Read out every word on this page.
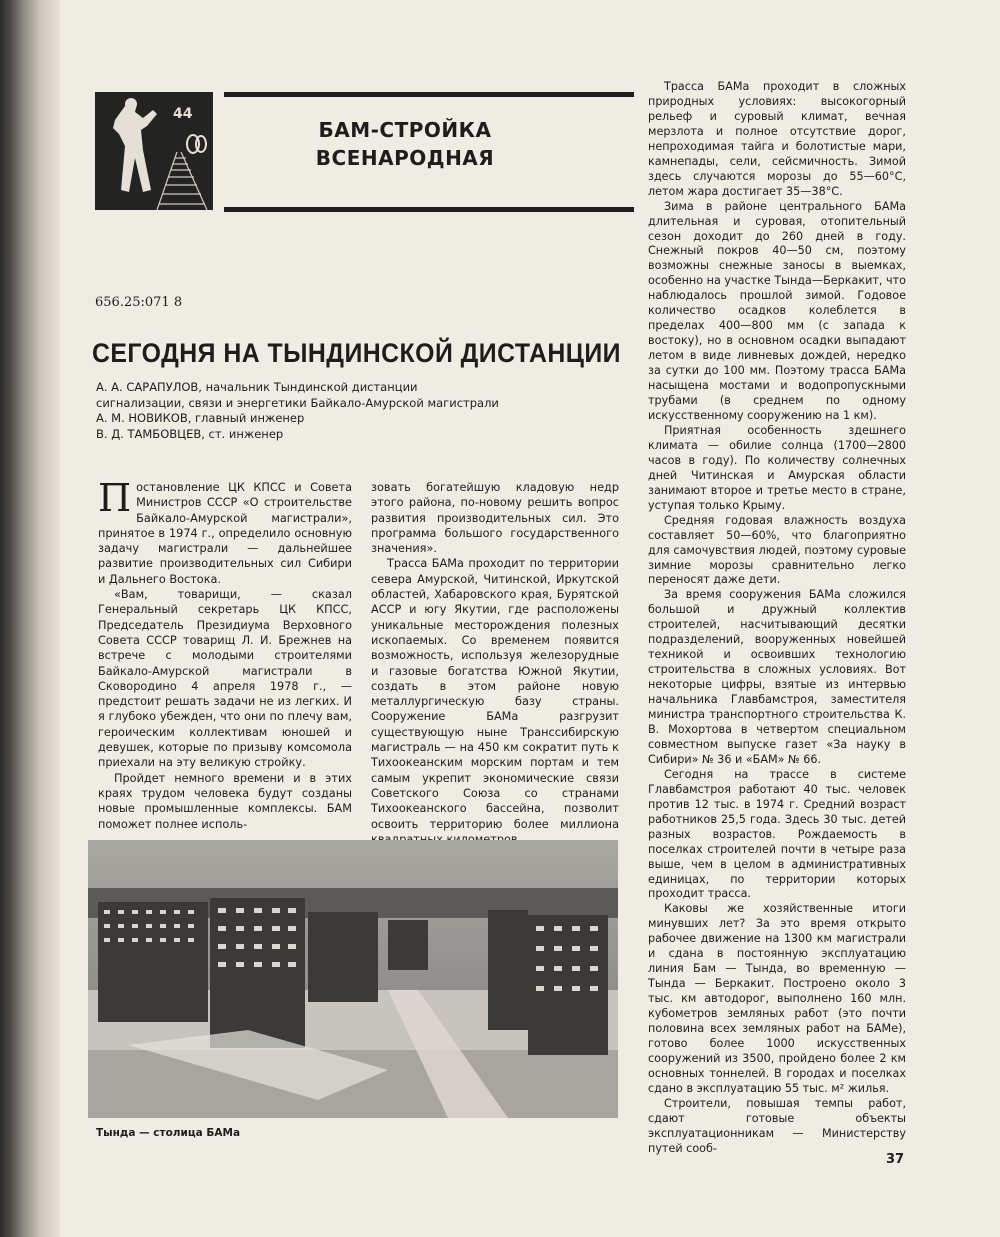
44
БАМ-СТРОЙКА
ВСЕНАРОДНАЯ
656.25:071 8
СЕГОДНЯ НА ТЫНДИНСКОЙ ДИСТАНЦИИ
А. А. САРАПУЛОВ, начальник Тындинской дистанции
сигнализации, связи и энергетики Байкало-Амурской магистрали
А. М. НОВИКОВ, главный инженер
В. Д. ТАМБОВЦЕВ, ст. инженер
П остановление ЦК КПСС и Совета Министров СССР «О строительстве Байкало-Амурской магистрали», принятое в 1974 г., определило основную задачу магистрали — дальнейшее развитие производительных сил Сибири и Дальнего Востока.

«Вам, товарищи, — сказал Генеральный секретарь ЦК КПСС, Председатель Президиума Верховного Совета СССР товарищ Л. И. Брежнев на встрече с молодыми строителями Байкало-Амурской магистрали в Сковородино 4 апреля 1978 г., — предстоит решать задачи не из легких. И я глубоко убежден, что они по плечу вам, героическим коллективам юношей и девушек, которые по призыву комсомола приехали на эту великую стройку.

Пройдет немного времени и в этих краях трудом человека будут созданы новые промышленные комплексы. БАМ поможет полнее исполь-

зовать богатейшую кладовую недр этого района, по-новому решить вопрос развития производительных сил. Это программа большого государственного значения».

Трасса БАМа проходит по территории севера Амурской, Читинской, Иркутской областей, Хабаровского края, Бурятской АССР и югу Якутии, где расположены уникальные месторождения полезных ископаемых. Со временем появится возможность, используя железорудные и газовые богатства Южной Якутии, создать в этом районе новую металлургическую базу страны. Сооружение БАМа разгрузит существующую ныне Транссибирскую магистраль — на 450 км сократит путь к Тихоокеанским морским портам и тем самым укрепит экономические связи Советского Союза со странами Тихоокеанского бассейна, позволит освоить территорию более миллиона

Трасса БАМа проходит в сложных природных условиях: высокогорный рельеф и суровый климат, вечная мерзлота и полное отсутствие дорог, непроходимая тайга и болотистые мари, камнепады, сели, сейсмичность. Зимой здесь случаются морозы до 55—60°С, летом жара достигает 35—38°С.

Зима в районе центрального БАМа длительная и суровая, отопительный сезон доходит до 260 дней в году. Снежный покров 40—50 см, поэтому возможны снежные заносы в выемках, особенно на участке Тында—Беркакит, что наблюдалось прошлой зимой. Годовое количество осадков колеблется в пределах 400—800 мм (с запада к востоку), но в основном осадки выпадают летом в виде ливневых дождей, нередко за сутки до 100 мм. Поэтому трасса БАМа насыщена мостами и водопропускными трубами (в среднем по одному искусственному сооружению на 1 км).

Приятная особенность здешнего климата — обилие солнца (1700—2800 часов в году). По количеству солнечных дней Читинская и Амурская области занимают второе и третье место в стране, уступая только Крыму.

Средняя годовая влажность воздуха составляет 50—60%, что благоприятно для самочувствия людей, поэтому суровые зимние морозы сравнительно легко переносят даже дети.

За время сооружения БАМа сложился большой и дружный коллектив строителей, насчитывающий десятки подразделений, вооруженных новейшей техникой и освоивших технологию строительства в сложных условиях. Вот некоторые цифры, взятые из интервью начальника Главбамстроя, заместителя министра транспортного строительства К. В. Мохортова в четвертом специальном совместном выпуске газет «За науку в Сибири» № 36 и «БАМ» № 66.

Сегодня на трассе в системе Главбамстроя работают 40 тыс. человек против 12 тыс. в 1974 г. Средний возраст работников 25,5 года. Здесь 30 тыс. детей разных возрастов. Рождаемость в поселках строителей почти в четыре раза выше, чем в целом в административных единицах, по территории которых проходит трасса.

Каковы же хозяйственные итоги минувших лет? За это время открыто рабочее движение на 1300 км магистрали и сдана в постоянную эксплуатацию линия Бам — Тында, во временную — Тында — Беркакит. Построено около 3 тыс. км автодорог, выполнено 160 млн. кубометров земляных работ (это почти половина всех земляных работ на БАМе), готово более 1000 искусственных сооружений из 3500, пройдено более 2 км основных тоннелей. В городах и поселках сдано в эксплуатацию 55 тыс. м² жилья.

Строители, повышая темпы работ, сдают готовые объекты эксплуатационникам — Министерству путей сооб-

Тында — столица БАМа
37
